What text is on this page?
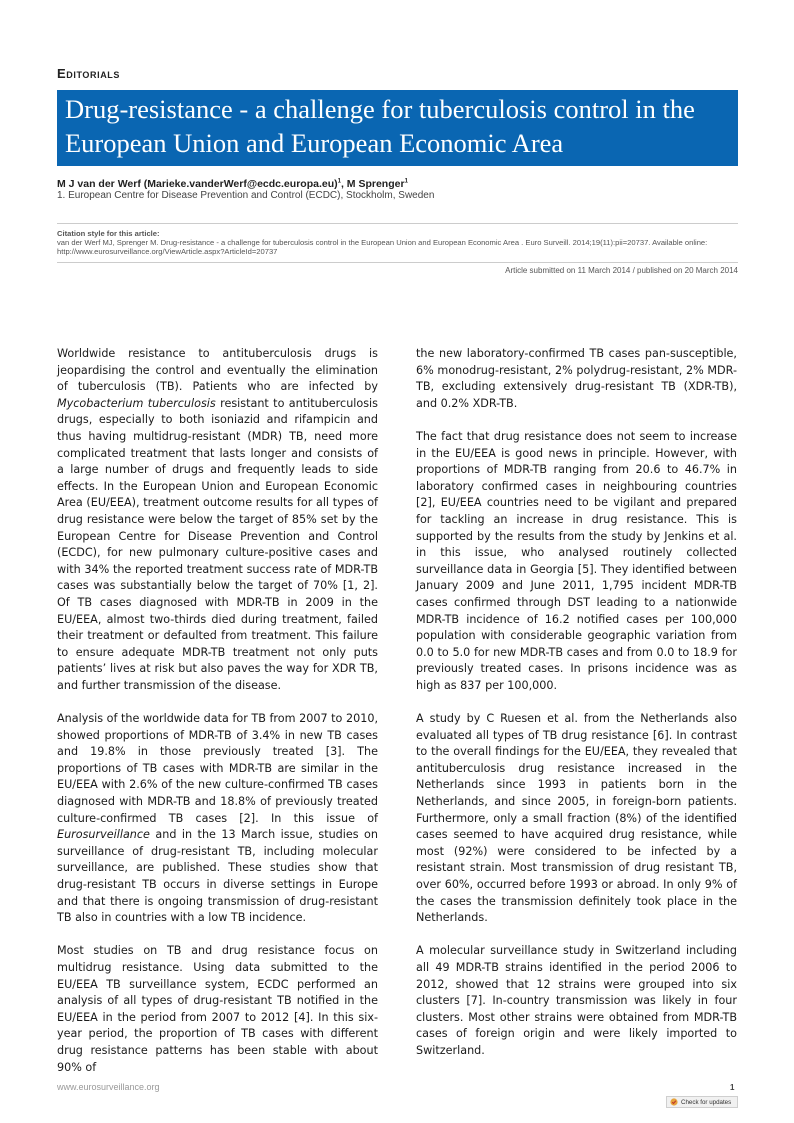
Editorials
Drug-resistance - a challenge for tuberculosis control in the European Union and European Economic Area
M J van der Werf (Marieke.vanderWerf@ecdc.europa.eu)$^1$, M Sprenger$^1$
1. European Centre for Disease Prevention and Control (ECDC), Stockholm, Sweden
Citation style for this article:
van der Werf MJ, Sprenger M. Drug-resistance - a challenge for tuberculosis control in the European Union and European Economic Area . Euro Surveill. 2014;19(11):pii=20737. Available online: http://www.eurosurveillance.org/ViewArticle.aspx?ArticleId=20737
Article submitted on 11 March 2014 / published on 20 March 2014

Worldwide resistance to antituberculosis drugs is jeopardising the control and eventually the elimination of tuberculosis (TB). Patients who are infected by Mycobacterium tuberculosis resistant to antituberculosis drugs, especially to both isoniazid and rifampicin and thus having multidrug-resistant (MDR) TB, need more complicated treatment that lasts longer and consists of a large number of drugs and frequently leads to side effects. In the European Union and European Economic Area (EU/EEA), treatment outcome results for all types of drug resistance were below the target of 85% set by the European Centre for Disease Prevention and Control (ECDC), for new pulmonary culture-positive cases and with 34% the reported treatment success rate of MDR-TB cases was substantially below the target of 70% [1, 2]. Of TB cases diagnosed with MDR-TB in 2009 in the EU/EEA, almost two-thirds died during treatment, failed their treatment or defaulted from treatment. This failure to ensure adequate MDR-TB treatment not only puts patients’ lives at risk but also paves the way for XDR TB, and further transmission of the disease.

Analysis of the worldwide data for TB from 2007 to 2010, showed proportions of MDR-TB of 3.4% in new TB cases and 19.8% in those previously treated [3]. The proportions of TB cases with MDR-TB are similar in the EU/EEA with 2.6% of the new culture-confirmed TB cases diagnosed with MDR-TB and 18.8% of previously treated culture-confirmed TB cases [2]. In this issue of Eurosurveillance and in the 13 March issue, studies on surveillance of drug-resistant TB, including molecular surveillance, are published. These studies show that drug-resistant TB occurs in diverse settings in Europe and that there is ongoing transmission of drug-resistant TB also in countries with a low TB incidence.

Most studies on TB and drug resistance focus on multidrug resistance. Using data submitted to the EU/EEA TB surveillance system, ECDC performed an analysis of all types of drug-resistant TB notified in the EU/EEA in the period from 2007 to 2012 [4]. In this six-year period, the proportion of TB cases with different drug resistance patterns has been stable with about 90% of

the new laboratory-confirmed TB cases pan-susceptible, 6% monodrug-resistant, 2% polydrug-resistant, 2% MDR-TB, excluding extensively drug-resistant TB (XDR-TB), and 0.2% XDR-TB.

The fact that drug resistance does not seem to increase in the EU/EEA is good news in principle. However, with proportions of MDR-TB ranging from 20.6 to 46.7% in laboratory confirmed cases in neighbouring countries [2], EU/EEA countries need to be vigilant and prepared for tackling an increase in drug resistance. This is supported by the results from the study by Jenkins et al. in this issue, who analysed routinely collected surveillance data in Georgia [5]. They identified between January 2009 and June 2011, 1,795 incident MDR-TB cases confirmed through DST leading to a nationwide MDR-TB incidence of 16.2 notified cases per 100,000 population with considerable geographic variation from 0.0 to 5.0 for new MDR-TB cases and from 0.0 to 18.9 for previously treated cases. In prisons incidence was as high as 837 per 100,000.

A study by C Ruesen et al. from the Netherlands also evaluated all types of TB drug resistance [6]. In contrast to the overall findings for the EU/EEA, they revealed that antituberculosis drug resistance increased in the Netherlands since 1993 in patients born in the Netherlands, and since 2005, in foreign-born patients. Furthermore, only a small fraction (8%) of the identified cases seemed to have acquired drug resistance, while most (92%) were considered to be infected by a resistant strain. Most transmission of drug resistant TB, over 60%, occurred before 1993 or abroad. In only 9% of the cases the transmission definitely took place in the Netherlands.

A molecular surveillance study in Switzerland including all 49 MDR-TB strains identified in the period 2006 to 2012, showed that 12 strains were grouped into six clusters [7]. In-country transmission was likely in four clusters. Most other strains were obtained from MDR-TB cases of foreign origin and were likely imported to Switzerland.

www.eurosurveillance.org	1
Check for updates
